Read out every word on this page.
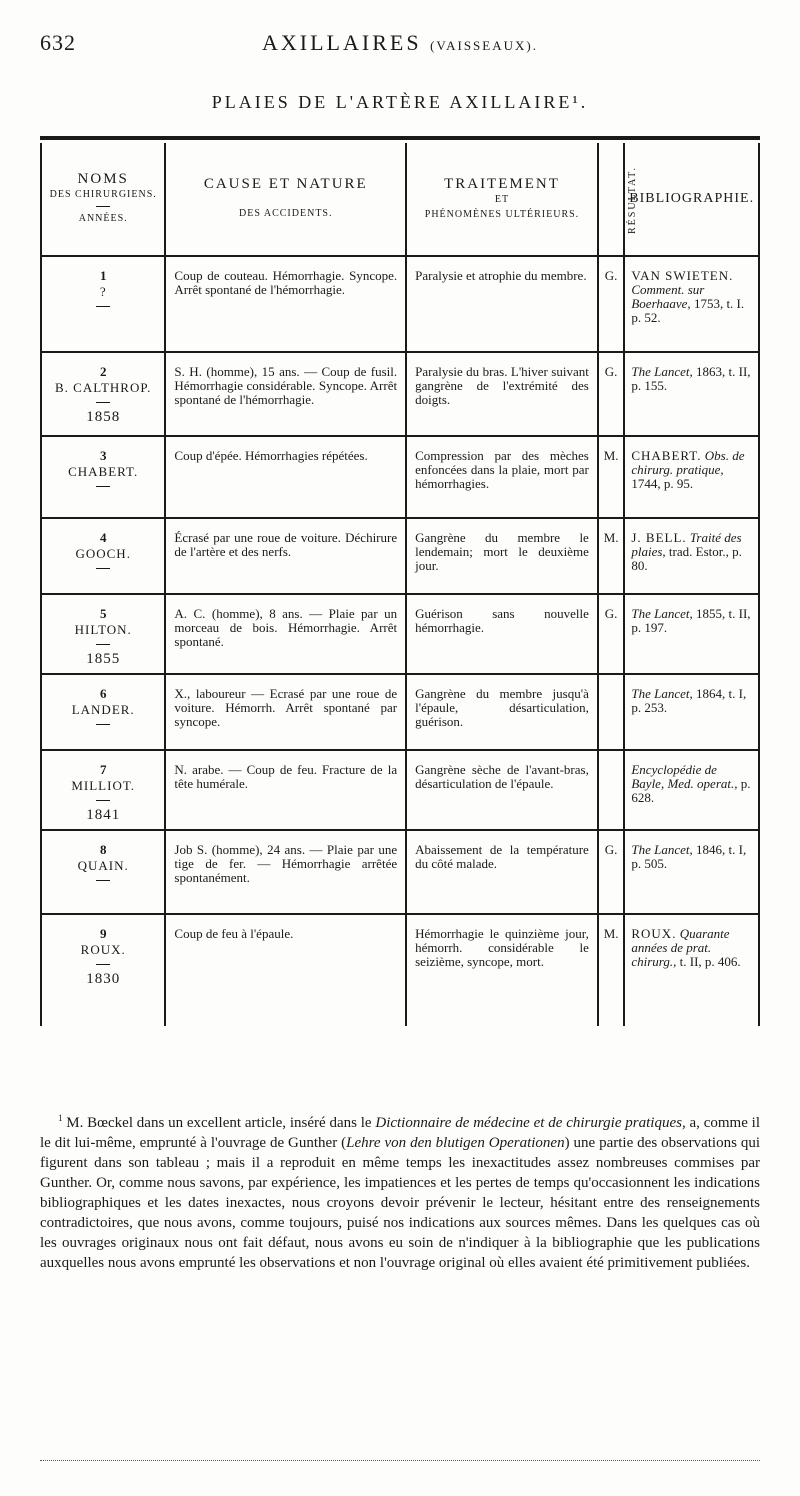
632	AXILLAIRES (VAISSEAUX).
PLAIES DE L'ARTÈRE AXILLAIRE¹.
NOMS
DES CHIRURGIENS.
ANNÉES.	CAUSE ET NATURE

DES ACCIDENTS.	TRAITEMENT
ET
PHÉNOMÈNES ULTÉRIEURS.	RÉSULTAT.	BIBLIOGRAPHIE.

1
?	Coup de couteau. Hémorrhagie. Syncope. Arrêt spontané de l'hémorrhagie.	Paralysie et atrophie du membre.	G.	VAN SWIETEN. Comment. sur Boerhaave, 1753, t. I. p. 52.

2
B. CALTHROP.
1858	S. H. (homme), 15 ans. — Coup de fusil. Hémorrhagie considérable. Syncope. Arrêt spontané de l'hémorrhagie.	Paralysie du bras. L'hiver suivant gangrène de l'extrémité des doigts.	G.	The Lancet, 1863, t. II, p. 155.

3
CHABERT.	Coup d'épée. Hémorrhagies répétées.	Compression par des mèches enfoncées dans la plaie, mort par hémorrhagies.	M.	CHABERT. Obs. de chirurg. pratique, 1744, p. 95.

4
GOOCH.	Écrasé par une roue de voiture. Déchirure de l'artère et des nerfs.	Gangrène du membre le lendemain; mort le deuxième jour.	M.	J. BELL. Traité des plaies, trad. Estor., p. 80.

5
HILTON.
1855	A. C. (homme), 8 ans. — Plaie par un morceau de bois. Hémorrhagie. Arrêt spontané.	Guérison sans nouvelle hémorrhagie.	G.	The Lancet, 1855, t. II, p. 197.

6
LANDER.	X., laboureur — Ecrasé par une roue de voiture. Hémorrh. Arrêt spontané par syncope.	Gangrène du membre jusqu'à l'épaule, désarticulation, guérison.		The Lancet, 1864, t. I, p. 253.

7
MILLIOT.
1841	N. arabe. — Coup de feu. Fracture de la tête humérale.	Gangrène sèche de l'avant-bras, désarticulation de l'épaule.		Encyclopédie de Bayle, Med. operat., p. 628.

8
QUAIN.	Job S. (homme), 24 ans. — Plaie par une tige de fer. — Hémorrhagie arrêtée spontanément.	Abaissement de la température du côté malade.	G.	The Lancet, 1846, t. I, p. 505.

9
ROUX.
1830	Coup de feu à l'épaule.	Hémorrhagie le quinzième jour, hémorrh. considérable le seizième, syncope, mort.	M.	ROUX. Quarante années de prat. chirurg., t. II, p. 406.
$^1$ M. Bœckel dans un excellent article, inséré dans le Dictionnaire de médecine et de chirurgie pratiques, a, comme il le dit lui-même, emprunté à l'ouvrage de Gunther (Lehre von den blutigen Operationen) une partie des observations qui figurent dans son tableau ; mais il a reproduit en même temps les inexactitudes assez nombreuses commises par Gunther. Or, comme nous savons, par expérience, les impatiences et les pertes de temps qu'occasionnent les indications bibliographiques et les dates inexactes, nous croyons devoir prévenir le lecteur, hésitant entre des renseignements contradictoires, que nous avons, comme toujours, puisé nos indications aux sources mêmes. Dans les quelques cas où les ouvrages originaux nous ont fait défaut, nous avons eu soin de n'indiquer à la bibliographie que les publications auxquelles nous avons emprunté les observations et non l'ouvrage original où elles avaient été primitivement publiées.
